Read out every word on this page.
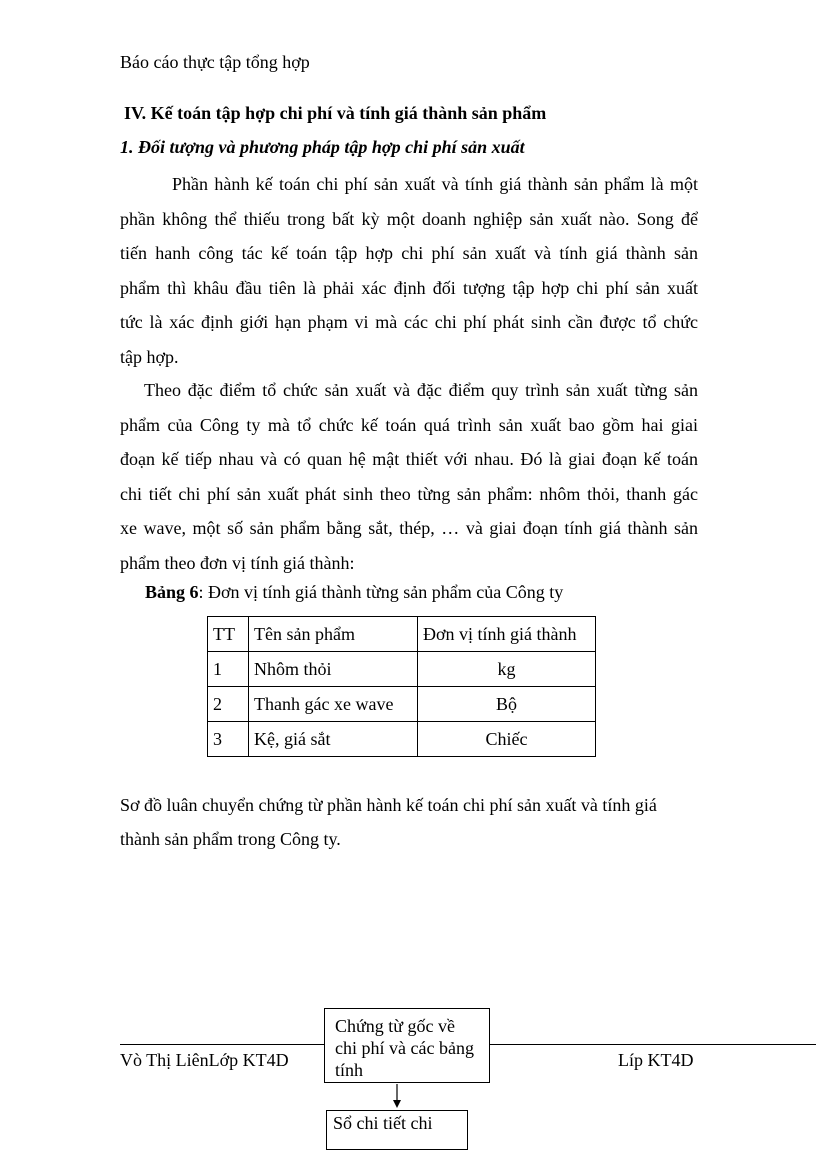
Báo cáo thực tập tổng hợp
IV. Kế toán tập hợp chi phí và tính giá thành sản phẩm
1. Đối tượng và phương pháp tập hợp chi phí sản xuất
Phần hành kế toán chi phí sản xuất và tính giá thành sản phẩm là một
phần không thể thiếu trong bất kỳ một doanh nghiệp sản xuất nào. Song để
tiến hanh công tác kế toán tập hợp chi phí sản xuất và tính giá thành sản
phẩm thì khâu đầu tiên là phải xác định đối tượng tập hợp chi phí sản xuất
tức là xác định giới hạn phạm vi mà các chi phí phát sinh cần được tổ chức
tập hợp.
Theo đặc điểm tổ chức sản xuất và đặc điểm quy trình sản xuất từng sản
phẩm của Công ty mà tổ chức kế toán quá trình sản xuất bao gồm hai giai
đoạn kế tiếp nhau và có quan hệ mật thiết với nhau. Đó là giai đoạn kế toán
chi tiết chi phí sản xuất phát sinh theo từng sản phẩm: nhôm thỏi, thanh gác
xe wave, một số sản phẩm bằng sắt, thép, … và giai đoạn tính giá thành sản
phẩm theo đơn vị tính giá thành:
Bảng 6: Đơn vị tính giá thành từng sản phẩm của Công ty
TT	Tên sản phẩm	Đơn vị tính giá thành
1	Nhôm thỏi	kg
2	Thanh gác xe wave	Bộ
3	Kệ, giá sắt	Chiếc
Sơ đồ luân chuyển chứng từ phần hành kế toán chi phí sản xuất và tính giá
thành sản phẩm trong Công ty.
Vò Thị LiênLớp KT4D	Líp KT4D
Chứng từ gốc về
chi phí và các bảng
tính
Sổ chi tiết chi
